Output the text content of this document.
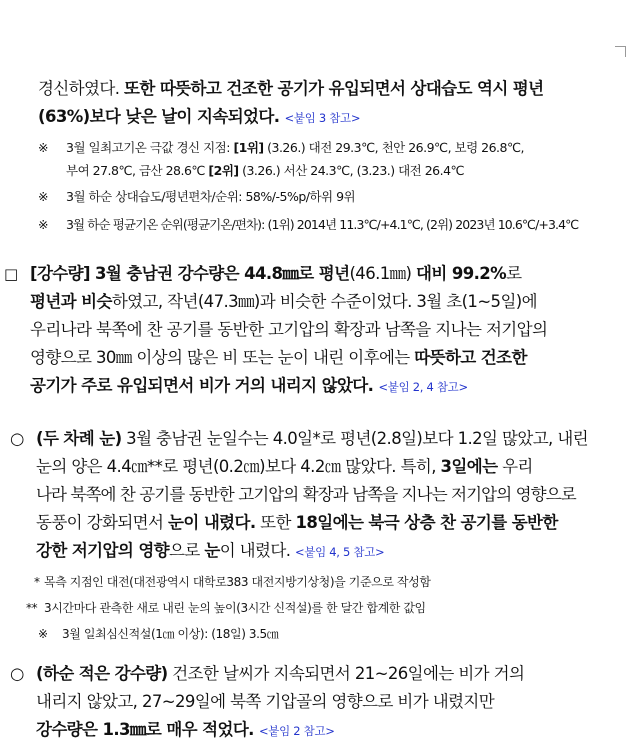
경신하였다. 또한 따뜻하고 건조한 공기가 유입되면서 상대습도 역시 평년
(63%)보다 낮은 날이 지속되었다. <붙임 3 참고>
※ 3월 일최고기온 극값 경신 지점: [1위] (3.26.) 대전 29.3℃, 천안 26.9℃, 보령 26.8℃,
부여 27.8℃, 금산 28.6℃ [2위] (3.26.) 서산 24.3℃, (3.23.) 대전 26.4℃
※ 3월 하순 상대습도/평년편차/순위: 58%/-5%p/하위 9위
※ 3월 하순 평균기온 순위(평균기온/편차): (1위) 2014년 11.3℃/+4.1℃, (2위) 2023년 10.6℃/+3.4℃
□ [강수량] 3월 충남권 강수량은 44.8㎜로 평년(46.1㎜) 대비 99.2%로
평년과 비슷하였고, 작년(47.3㎜)과 비슷한 수준이었다. 3월 초(1~5일)에
우리나라 북쪽에 찬 공기를 동반한 고기압의 확장과 남쪽을 지나는 저기압의
영향으로 30㎜ 이상의 많은 비 또는 눈이 내린 이후에는 따뜻하고 건조한
공기가 주로 유입되면서 비가 거의 내리지 않았다. <붙임 2, 4 참고>
○ (두 차례 눈) 3월 충남권 눈일수는 4.0일*로 평년(2.8일)보다 1.2일 많았고, 내린
눈의 양은 4.4㎝**로 평년(0.2㎝)보다 4.2㎝ 많았다. 특히, 3일에는 우리
나라 북쪽에 찬 공기를 동반한 고기압의 확장과 남쪽을 지나는 저기압의 영향으로
동풍이 강화되면서 눈이 내렸다. 또한 18일에는 북극 상층 찬 공기를 동반한
강한 저기압의 영향으로 눈이 내렸다. <붙임 4, 5 참고>
* 목측 지점인 대전(대전광역시 대학로383 대전지방기상청)을 기준으로 작성함
** 3시간마다 관측한 새로 내린 눈의 높이(3시간 신적설)를 한 달간 합계한 값임
※ 3월 일최심신적설(1㎝ 이상): (18일) 3.5㎝
○ (하순 적은 강수량) 건조한 날씨가 지속되면서 21~26일에는 비가 거의
내리지 않았고, 27~29일에 북쪽 기압골의 영향으로 비가 내렸지만
강수량은 1.3㎜로 매우 적었다. <붙임 2 참고>
